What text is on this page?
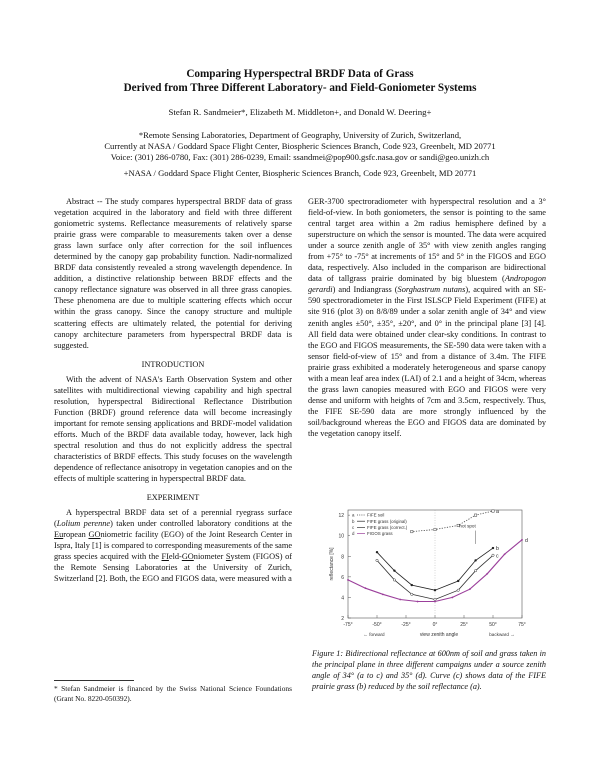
Comparing Hyperspectral BRDF Data of Grass
Derived from Three Different Laboratory- and Field-Goniometer Systems
Stefan R. Sandmeier*, Elizabeth M. Middleton+, and Donald W. Deering+
*Remote Sensing Laboratories, Department of Geography, University of Zurich, Switzerland,
Currently at NASA / Goddard Space Flight Center, Biospheric Sciences Branch, Code 923, Greenbelt, MD 20771
Voice: (301) 286-0780, Fax: (301) 286-0239, Email: ssandmei@pop900.gsfc.nasa.gov or sandi@geo.unizh.ch
+NASA / Goddard Space Flight Center, Biospheric Sciences Branch, Code 923, Greenbelt, MD 20771

Abstract -- The study compares hyperspectral BRDF data of grass vegetation acquired in the laboratory and field with three different goniometric systems. Reflectance measurements of relatively sparse prairie grass were comparable to measurements taken over a dense grass lawn surface only after correction for the soil influences determined by the canopy gap probability function. Nadir-normalized BRDF data consistently revealed a strong wavelength dependence. In addition, a distinctive relationship between BRDF effects and the canopy reflectance signature was observed in all three grass canopies. These phenomena are due to multiple scattering effects which occur within the grass canopy. Since the canopy structure and multiple scattering effects are ultimately related, the potential for deriving canopy architecture parameters from hyperspectral BRDF data is suggested.

INTRODUCTION

With the advent of NASA's Earth Observation System and other satellites with multidirectional viewing capability and high spectral resolution, hyperspectral Bidirectional Reflectance Distribution Function (BRDF) ground reference data will become increasingly important for remote sensing applications and BRDF-model validation efforts. Much of the BRDF data available today, however, lack high spectral resolution and thus do not explicitly address the spectral characteristics of BRDF effects. This study focuses on the wavelength dependence of reflectance anisotropy in vegetation canopies and on the effects of multiple scattering in hyperspectral BRDF data.

EXPERIMENT

A hyperspectral BRDF data set of a perennial ryegrass surface (Lolium perenne) taken under controlled laboratory conditions at the European GOniometric facility (EGO) of the Joint Research Center in Ispra, Italy [1] is compared to corresponding measurements of the same grass species acquired with the FIeld-GOniometer System (FIGOS) of the Remote Sensing Laboratories at the University of Zurich, Switzerland [2]. Both, the EGO and FIGOS data, were measured with a

* Stefan Sandmeier is financed by the Swiss National Science Foundations (Grant No. 8220-050392).

GER-3700 spectroradiometer with hyperspectral resolution and a 3° field-of-view. In both goniometers, the sensor is pointing to the same central target area within a 2m radius hemisphere defined by a superstructure on which the sensor is mounted. The data were acquired under a source zenith angle of 35° with view zenith angles ranging from +75° to -75° at increments of 15° and 5° in the FIGOS and EGO data, respectively. Also included in the comparison are bidirectional data of tallgrass prairie dominated by big bluestem (Andropogon gerardi) and Indiangrass (Sorghastrum nutans), acquired with an SE-590 spectroradiometer in the First ISLSCP Field Experiment (FIFE) at site 916 (plot 3) on 8/8/89 under a solar zenith angle of 34° and view zenith angles ±50°, ±35°, ±20°, and 0° in the principal plane [3] [4]. All field data were obtained under clear-sky conditions. In contrast to the EGO and FIGOS measurements, the SE-590 data were taken with a sensor field-of-view of 15° and from a distance of 3.4m. The FIFE prairie grass exhibited a moderately heterogeneous and sparse canopy with a mean leaf area index (LAI) of 2.1 and a height of 34cm, whereas the grass lawn canopies measured with EGO and FIGOS were very dense and uniform with heights of 7cm and 3.5cm, respectively. Thus, the FIFE SE-590 data are more strongly influenced by the soil/background whereas the EGO and FIGOS data are dominated by the vegetation canopy itself.

2
4
6
8
10
12
-75°	-50°	-25°	0°	25°	50°	75°
reflectance [%]
view zenith angle
← forward	backward →
hot spot
a
b
c
d
a	FIFE soil
b	FIFE grass (original)
c	FIFE grass (correct.)
d	FIGOS grass
Figure 1: Bidirectional reflectance at 600nm of soil and grass taken in the principal plane in three different campaigns under a source zenith angle of 34° (a to c) and 35° (d). Curve (c) shows data of the FIFE prairie grass (b) reduced by the soil reflectance (a).
